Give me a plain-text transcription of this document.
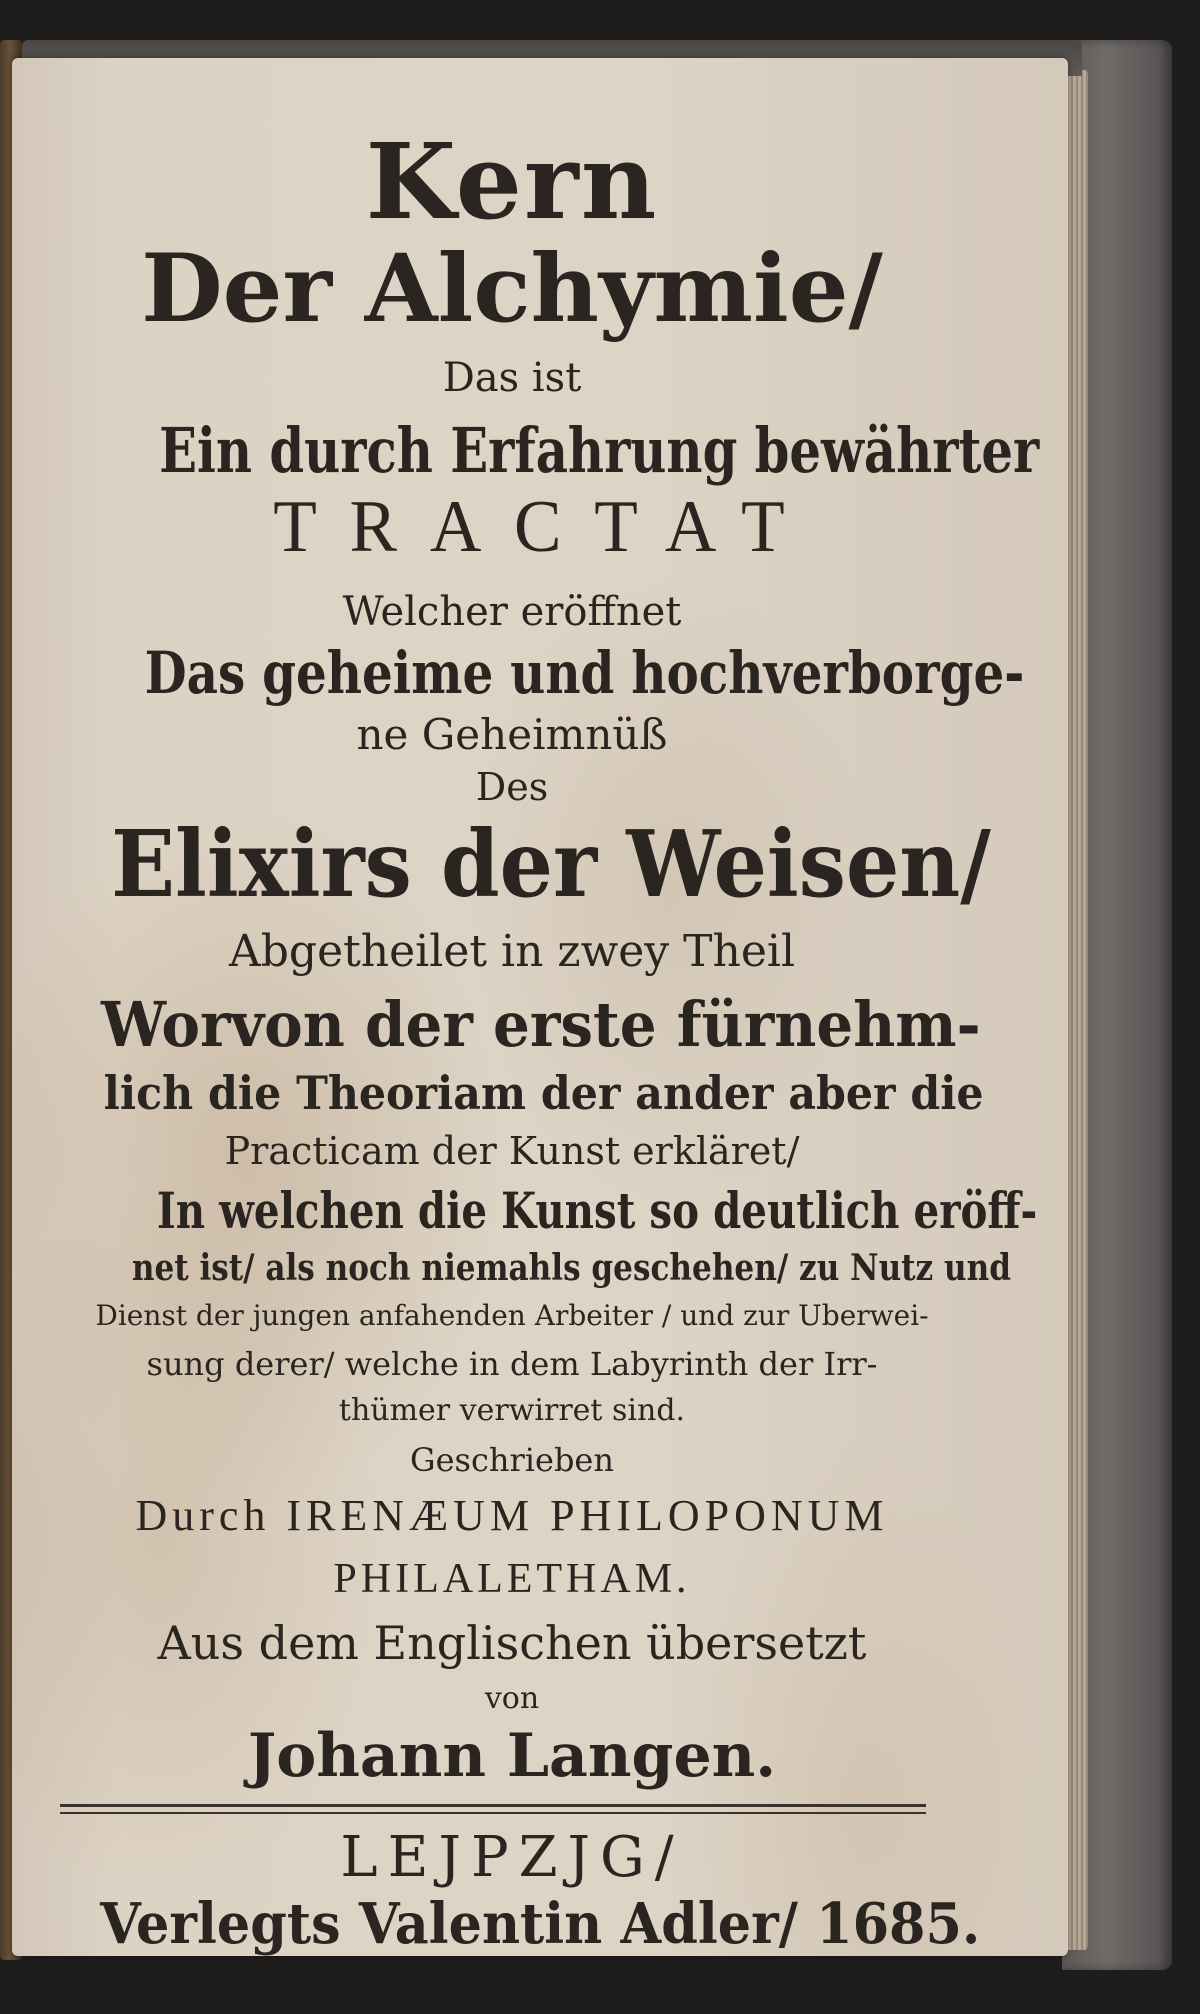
Kern
Der Alchymie/
Das ist
Ein durch Erfahrung bewährter
TRACTAT
Welcher eröffnet
Das geheime und hochverborge-
ne Geheimnüß
Des
Elixirs der Weisen/
Abgetheilet in zwey Theil
Worvon der erste fürnehm-
lich die Theoriam der ander aber die
Practicam der Kunst erkläret/
In welchen die Kunst so deutlich eröff-
net ist/ als noch niemahls geschehen/ zu Nutz und
Dienst der jungen anfahenden Arbeiter / und zur Uberwei-
sung derer/ welche in dem Labyrinth der Irr-
thümer verwirret sind.
Geschrieben
Durch IRENÆUM PHILOPONUM
PHILALETHAM.
Aus dem Englischen übersetzt
von
Johann Langen.
LEJPZJG/
Verlegts Valentin Adler/ 1685.
